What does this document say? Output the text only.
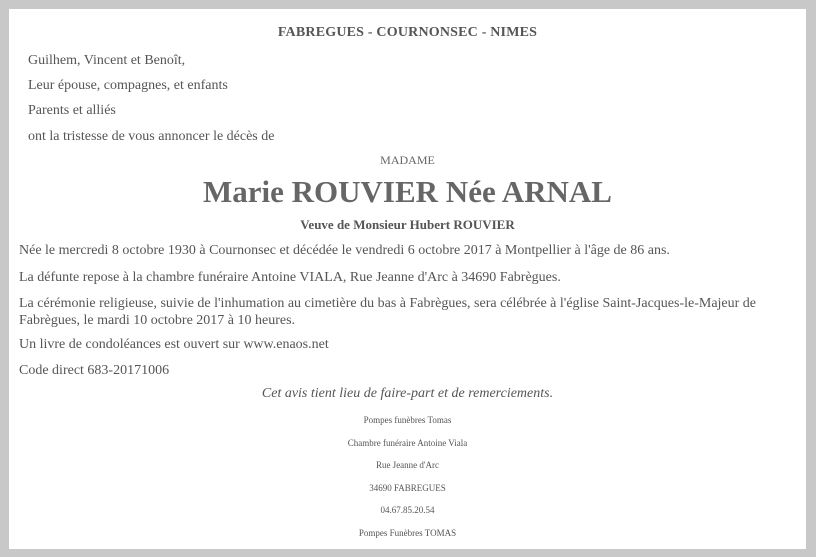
FABREGUES - COURNONSEC - NIMES
Guilhem, Vincent et Benoît,
Leur épouse, compagnes, et enfants
Parents et alliés
ont la tristesse de vous annoncer le décès de
MADAME
Marie ROUVIER Née ARNAL
Veuve de Monsieur Hubert ROUVIER
Née le mercredi 8 octobre 1930 à Cournonsec et décédée le vendredi 6 octobre 2017 à Montpellier à l'âge de 86 ans.
La défunte repose à la chambre funéraire Antoine VIALA, Rue Jeanne d'Arc à 34690 Fabrègues.
La cérémonie religieuse, suivie de l'inhumation au cimetière du bas à Fabrègues, sera célébrée à l'église Saint-Jacques-le-Majeur de Fabrègues, le mardi 10 octobre 2017 à 10 heures.
Un livre de condoléances est ouvert sur www.enaos.net
Code direct 683-20171006
Cet avis tient lieu de faire-part et de remerciements.
Pompes funèbres Tomas
Chambre funéraire Antoine Viala
Rue Jeanne d'Arc
34690 FABREGUES
04.67.85.20.54
Pompes Funèbres TOMAS
